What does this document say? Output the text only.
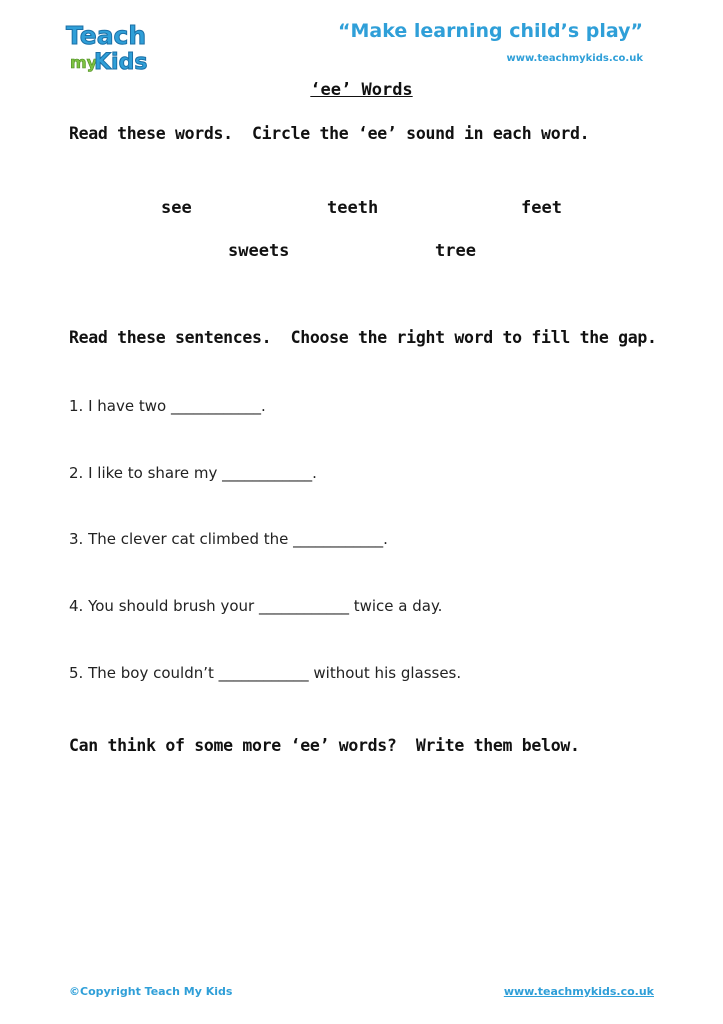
Teach
my
Kids
“Make learning child’s play”
www.teachmykids.co.uk
‘ee’ Words
Read these words.  Circle the ‘ee’ sound in each word.
see	teeth	feet
sweets	tree
Read these sentences.  Choose the right word to fill the gap.
1. I have two ____________.
2. I like to share my ____________.
3. The clever cat climbed the ____________.
4. You should brush your ____________ twice a day.
5. The boy couldn’t ____________ without his glasses.
Can think of some more ‘ee’ words?  Write them below.
©Copyright Teach My Kids	www.teachmykids.co.uk
